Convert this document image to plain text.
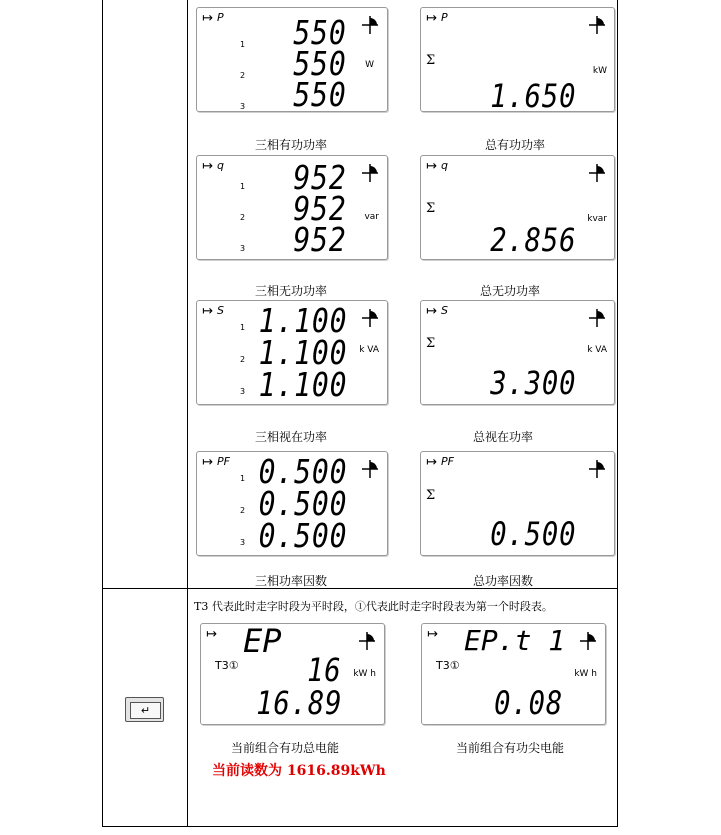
↦ P
1
2
3
550
550
550
W
↦ P
Σ
kW
1.650
三相有功功率	总有功功率
↦ q
1
2
3
952
952
952
var
↦ q
Σ
kvar
2.856
三相无功功率	总无功功率
↦ S
1
2
3
1.100
1.100
1.100
k VA
↦ S
Σ	k VA
3.300
三相视在功率	总视在功率
↦ PF
1
2
3
0.500
0.500
0.500
↦ PF
Σ
0.500
三相功率因数	总功率因数
T3 代表此时走字时段为平时段，①代表此时走字时段表为第一个时段表。
↵
↦ EP
T3① 16 kW h
16.89
↦ EP.t 1
T3①
kW h
0.08
当前组合有功总电能	当前组合有功尖电能
当前读数为 1616.89kWh
